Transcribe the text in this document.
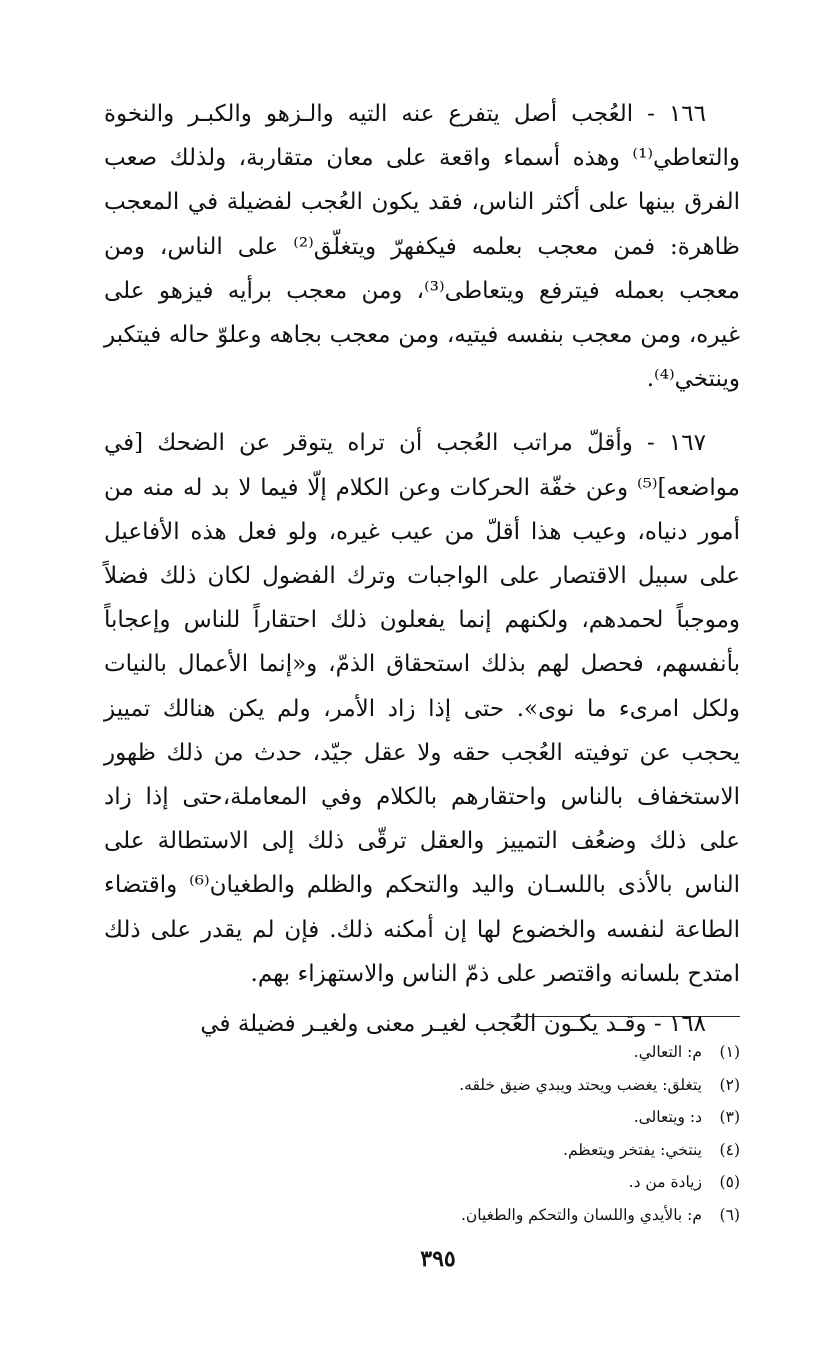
١٦٦ - العُجب أصل يتفرع عنه التيه والـزهو والكبـر والنخوة والتعاطي⁽¹⁾ وهذه أسماء واقعة على معان متقاربة، ولذلك صعب الفرق بينها على أكثر الناس، فقد يكون العُجب لفضيلة في المعجب ظاهرة: فمن معجب بعلمه فيكفهرّ ويتغلّق⁽²⁾ على الناس، ومن معجب بعمله فيترفع ويتعاطى⁽³⁾، ومن معجب برأيه فيزهو على غيره، ومن معجب بنفسه فيتيه، ومن معجب بجاهه وعلوّ حاله فيتكبر وينتخي⁽⁴⁾.

١٦٧ - وأقلّ مراتب العُجب أن تراه يتوقر عن الضحك [في مواضعه]⁽⁵⁾ وعن خفّة الحركات وعن الكلام إلّا فيما لا بد له منه من أمور دنياه، وعيب هذا أقلّ من عيب غيره، ولو فعل هذه الأفاعيل على سبيل الاقتصار على الواجبات وترك الفضول لكان ذلك فضلاً وموجباً لحمدهم، ولكنهم إنما يفعلون ذلك احتقاراً للناس وإعجاباً بأنفسهم، فحصل لهم بذلك استحقاق الذمّ، و«إنما الأعمال بالنيات ولكل امرىء ما نوى». حتى إذا زاد الأمر، ولم يكن هنالك تمييز يحجب عن توفيته العُجب حقه ولا عقل جيّد، حدث من ذلك ظهور الاستخفاف بالناس واحتقارهم بالكلام وفي المعاملة،حتى إذا زاد على ذلك وضعُف التمييز والعقل ترقّى ذلك إلى الاستطالة على الناس بالأذى باللسـان واليد والتحكم والظلم والطغيان⁽⁶⁾ واقتضاء الطاعة لنفسه والخضوع لها إن أمكنه ذلك. فإن لم يقدر على ذلك امتدح بلسانه واقتصر على ذمّ الناس والاستهزاء بهم.

١٦٨ - وقـد يكـون العُجب لغيـر معنى ولغيـر فضيلة في

(١)
م: التعالي.
(٢)
يتغلق: يغضب ويحتد ويبدي ضيق خلقه.
(٣)
د: ويتعالى.
(٤)
ينتخي: يفتخر ويتعظم.
(٥)
زيادة من د.
(٦)
م: بالأيدي واللسان والتحكم والطغيان.
٣٩٥
